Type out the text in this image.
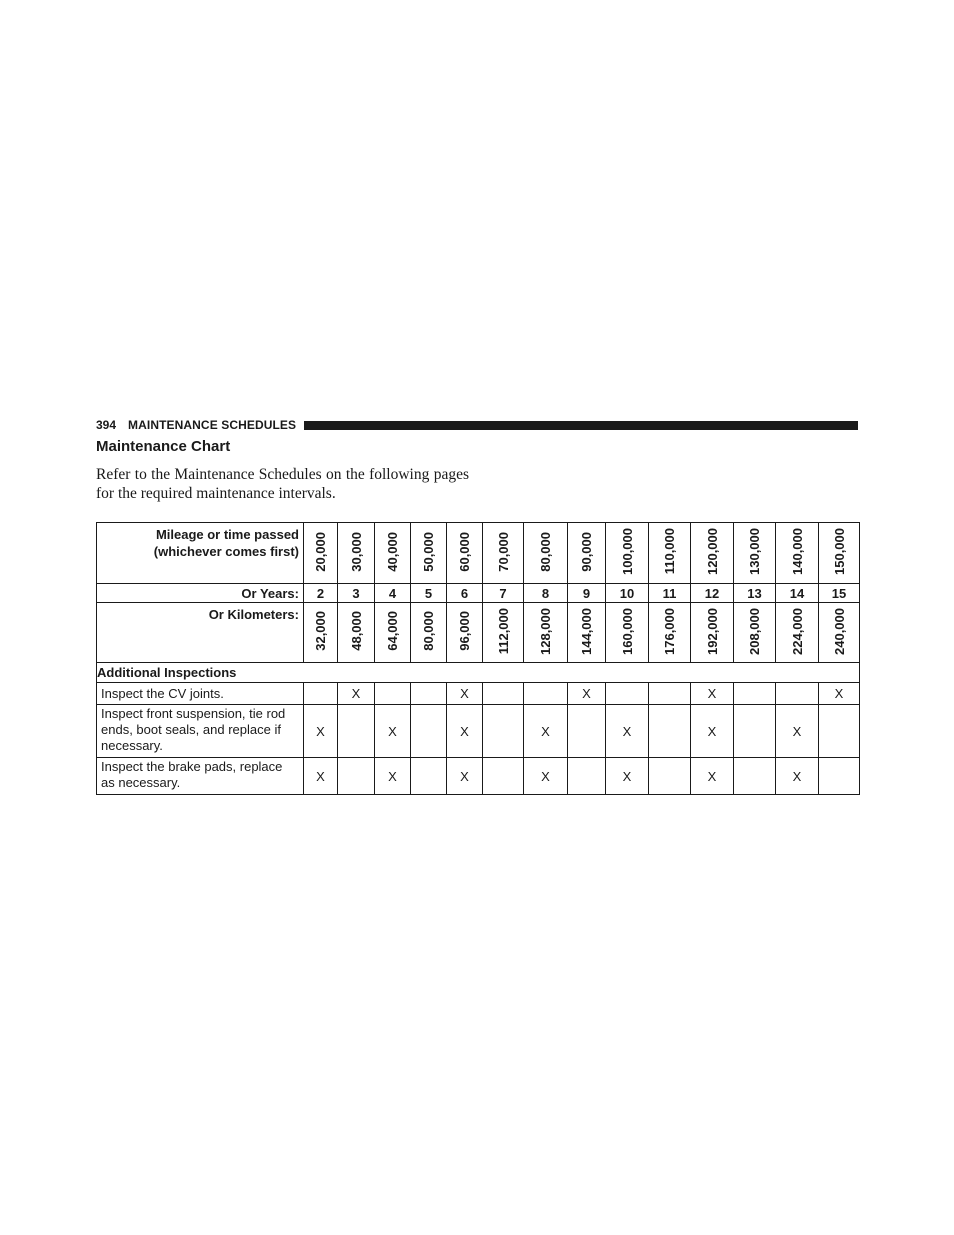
394 MAINTENANCE SCHEDULES
Maintenance Chart
Refer to the Maintenance Schedules on the following pages for the required maintenance intervals.
Mileage or time passed
(whichever comes first)	20,000	30,000	40,000	50,000	60,000	70,000	80,000	90,000	100,000	110,000	120,000	130,000	140,000	150,000
Or Years:	2	3	4	5	6	7	8	9	10	11	12	13	14	15
Or Kilometers:	32,000	48,000	64,000	80,000	96,000	112,000	128,000	144,000	160,000	176,000	192,000	208,000	224,000	240,000
Additional Inspections														
Inspect the CV joints.		X			X			X			X			X
Inspect front suspension, tie rod ends, boot seals, and replace if necessary.	X		X		X		X		X		X		X	
Inspect the brake pads, replace as necessary.	X		X		X		X		X		X		X	
